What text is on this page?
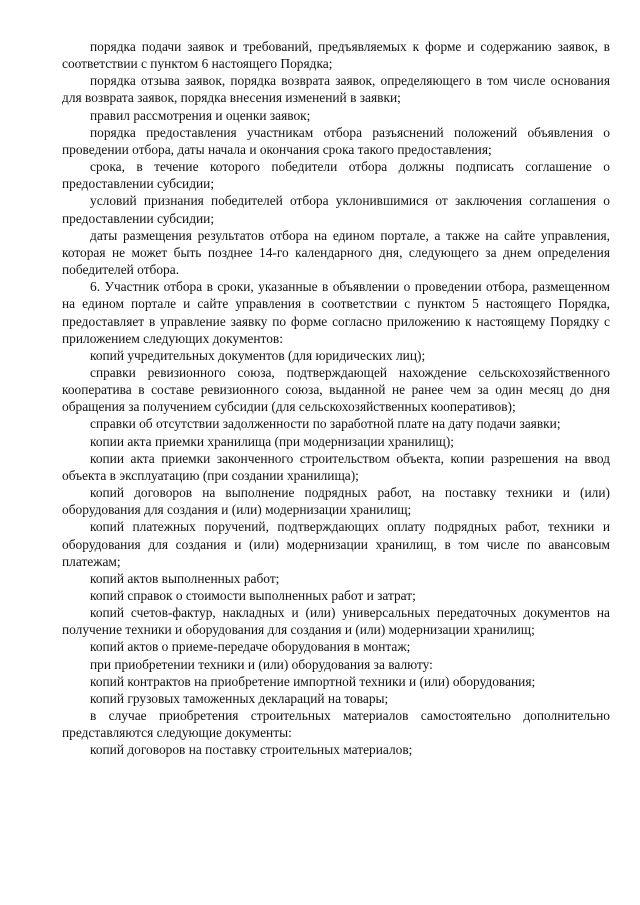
порядка подачи заявок и требований, предъявляемых к форме и содержанию заявок, в соответствии с пунктом 6 настоящего Порядка;

порядка отзыва заявок, порядка возврата заявок, определяющего в том числе основания для возврата заявок, порядка внесения изменений в заявки;

правил рассмотрения и оценки заявок;

порядка предоставления участникам отбора разъяснений положений объявления о проведении отбора, даты начала и окончания срока такого предоставления;

срока, в течение которого победители отбора должны подписать соглашение о предоставлении субсидии;

условий признания победителей отбора уклонившимися от заключения соглашения о предоставлении субсидии;

даты размещения результатов отбора на едином портале, а также на сайте управления, которая не может быть позднее 14-го календарного дня, следующего за днем определения победителей отбора.

6. Участник отбора в сроки, указанные в объявлении о проведении отбора, размещенном на едином портале и сайте управления в соответствии с пунктом 5 настоящего Порядка, предоставляет в управление заявку по форме согласно приложению к настоящему Порядку с приложением следующих документов:

копий учредительных документов (для юридических лиц);

справки ревизионного союза, подтверждающей нахождение сельскохозяйственного кооператива в составе ревизионного союза, выданной не ранее чем за один месяц до дня обращения за получением субсидии (для сельскохозяйственных кооперативов);

справки об отсутствии задолженности по заработной плате на дату подачи заявки;

копии акта приемки хранилища (при модернизации хранилищ);

копии акта приемки законченного строительством объекта, копии разрешения на ввод объекта в эксплуатацию (при создании хранилища);

копий договоров на выполнение подрядных работ, на поставку техники и (или) оборудования для создания и (или) модернизации хранилищ;

копий платежных поручений, подтверждающих оплату подрядных работ, техники и оборудования для создания и (или) модернизации хранилищ, в том числе по авансовым платежам;

копий актов выполненных работ;

копий справок о стоимости выполненных работ и затрат;

копий счетов-фактур, накладных и (или) универсальных передаточных документов на получение техники и оборудования для создания и (или) модернизации хранилищ;

копий актов о приеме-передаче оборудования в монтаж;

при приобретении техники и (или) оборудования за валюту:

копий контрактов на приобретение импортной техники и (или) оборудования;

копий грузовых таможенных деклараций на товары;

в случае приобретения строительных материалов самостоятельно дополнительно представляются следующие документы:

копий договоров на поставку строительных материалов;
